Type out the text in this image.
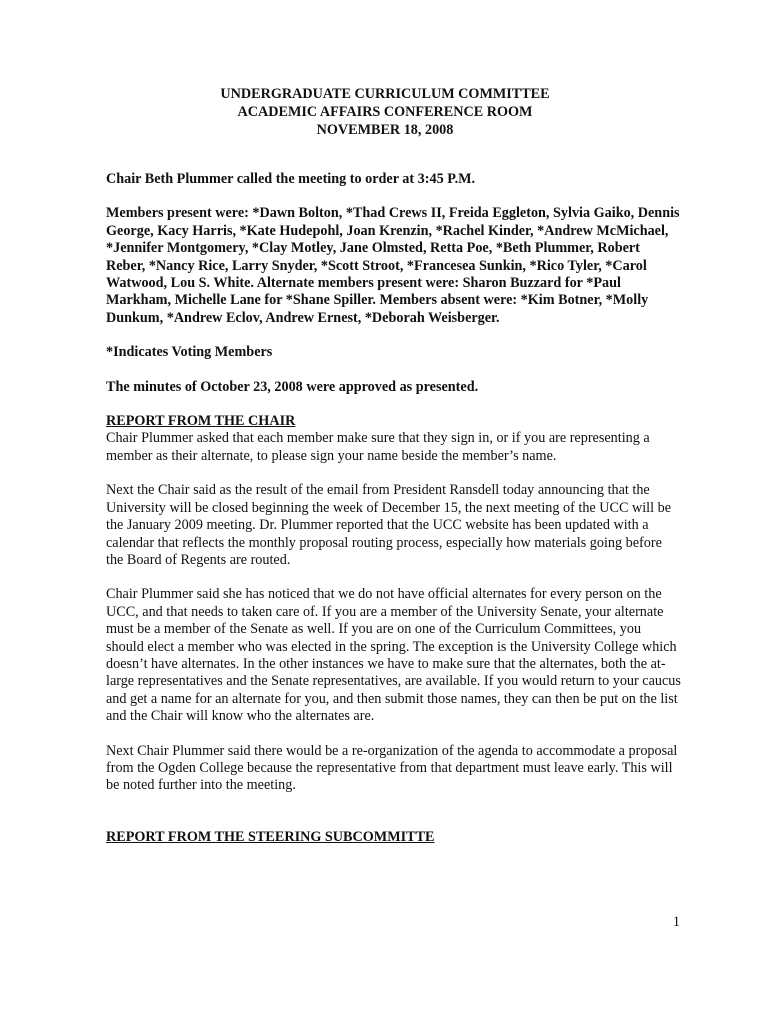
UNDERGRADUATE CURRICULUM COMMITTEE
ACADEMIC AFFAIRS CONFERENCE ROOM
NOVEMBER 18, 2008

Chair Beth Plummer called the meeting to order at 3:45 P.M.

Members present were: *Dawn Bolton, *Thad Crews II, Freida Eggleton, Sylvia Gaiko, Dennis George, Kacy Harris, *Kate Hudepohl, Joan Krenzin, *Rachel Kinder, *Andrew McMichael, *Jennifer Montgomery, *Clay Motley, Jane Olmsted, Retta Poe, *Beth Plummer, Robert Reber, *Nancy Rice, Larry Snyder, *Scott Stroot, *Francesea Sunkin, *Rico Tyler, *Carol Watwood, Lou S. White. Alternate members present were: Sharon Buzzard for *Paul Markham, Michelle Lane for *Shane Spiller. Members absent were: *Kim Botner, *Molly Dunkum, *Andrew Eclov, Andrew Ernest, *Deborah Weisberger.

*Indicates Voting Members

The minutes of October 23, 2008 were approved as presented.

REPORT FROM THE CHAIR

Chair Plummer asked that each member make sure that they sign in, or if you are representing a member as their alternate, to please sign your name beside the member’s name.

Next the Chair said as the result of the email from President Ransdell today announcing that the University will be closed beginning the week of December 15, the next meeting of the UCC will be the January 2009 meeting. Dr. Plummer reported that the UCC website has been updated with a calendar that reflects the monthly proposal routing process, especially how materials going before the Board of Regents are routed.

Chair Plummer said she has noticed that we do not have official alternates for every person on the UCC, and that needs to taken care of. If you are a member of the University Senate, your alternate must be a member of the Senate as well. If you are on one of the Curriculum Committees, you should elect a member who was elected in the spring. The exception is the University College which doesn’t have alternates. In the other instances we have to make sure that the alternates, both the at-large representatives and the Senate representatives, are available. If you would return to your caucus and get a name for an alternate for you, and then submit those names, they can then be put on the list and the Chair will know who the alternates are.

Next Chair Plummer said there would be a re-organization of the agenda to accommodate a proposal from the Ogden College because the representative from that department must leave early. This will be noted further into the meeting.

REPORT FROM THE STEERING SUBCOMMITTE
1
